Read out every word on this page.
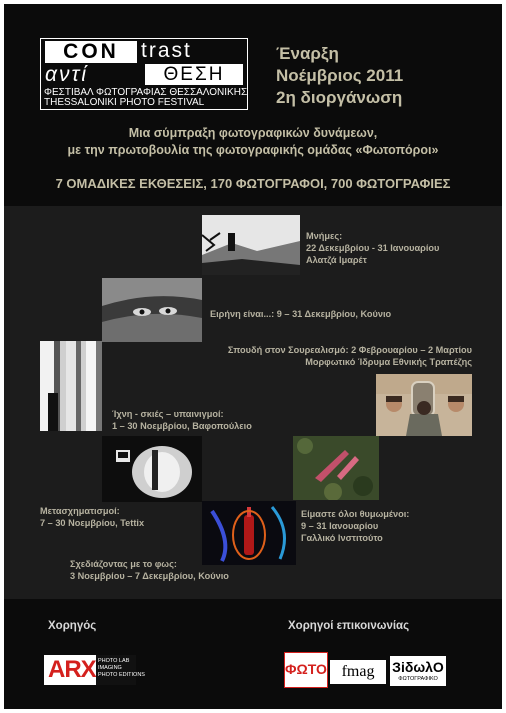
CON	trast
αντί	ΘΕΣΗ
ΦΕΣΤΙΒΑΛ ΦΩΤΟΓΡΑΦΙΑΣ ΘΕΣΣΑΛΟΝΙΚΗΣ
THESSALONIKI PHOTO FESTIVAL
Έναρξη
Νοέμβριος 2011
2η διοργάνωση
Μια σύμπραξη φωτογραφικών δυνάμεων,
με την πρωτοβουλία της φωτογραφικής ομάδας «Φωτοπόροι»
7 ΟΜΑΔΙΚΕΣ ΕΚΘΕΣΕΙΣ, 170 ΦΩΤΟΓΡΑΦΟΙ, 700 ΦΩΤΟΓΡΑΦΙΕΣ
Μνήμες:
22 Δεκεμβρίου - 31 Ιανουαρίου
Αλατζά Ιμαρέτ
Ειρήνη είναι...: 9 – 31 Δεκεμβρίου, Κούνιο
Σπουδή στον Σουρεαλισμό: 2 Φεβρουαρίου – 2 Μαρτίου
Μορφωτικό Ίδρυμα Εθνικής Τραπέζης
Ίχνη - σκιές – υπαινιγμοί:
1 – 30 Νοεμβρίου, Βαφοπούλειο
Μετασχηματισμοί:
7 – 30 Νοεμβρίου, Tettix
Είμαστε όλοι θυμωμένοι:
9 – 31 Ιανουαρίου
Γαλλικό Ινστιτούτο
Σχεδιάζοντας με το φως:
3 Νοεμβρίου – 7 Δεκεμβρίου, Κούνιο
Χορηγός	Χορηγοί επικοινωνίας
ARX PHOTO LAB
IMAGING
PHOTO EDITIONS	ΦΩΤΟ fmag	ЗіδωλΟ
ΦΩΤΟΓΡΑΦΙΚΟ
